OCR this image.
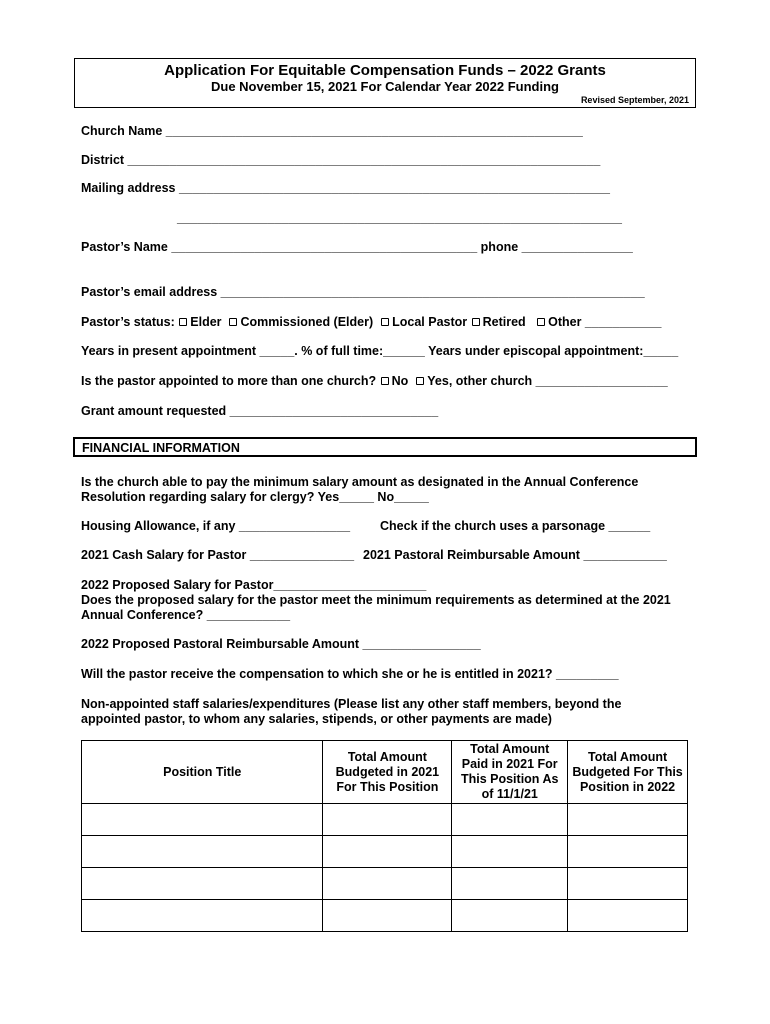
Application For Equitable Compensation Funds – 2022 Grants
Due November 15, 2021 For Calendar Year 2022 Funding
Revised September, 2021
Church Name ____________________________________________________________
District ____________________________________________________________________
Mailing address ______________________________________________________________
________________________________________________________________
Pastor’s Name ____________________________________________ phone ________________
Pastor’s email address _____________________________________________________________
Pastor’s status: Elder Commissioned (Elder) Local Pastor Retired Other ___________
Years in present appointment _____. % of full time:______ Years under episcopal appointment:_____
Is the pastor appointed to more than one church? No Yes, other church ___________________
Grant amount requested ______________________________
FINANCIAL INFORMATION
Is the church able to pay the minimum salary amount as designated in the Annual Conference
Resolution regarding salary for clergy? Yes_____ No_____
Housing Allowance, if any ________________ Check if the church uses a parsonage ______
2021 Cash Salary for Pastor _______________ 2021 Pastoral Reimbursable Amount ____________
2022 Proposed Salary for Pastor______________________
Does the proposed salary for the pastor meet the minimum requirements as determined at the 2021
Annual Conference? ____________
2022 Proposed Pastoral Reimbursable Amount _________________
Will the pastor receive the compensation to which she or he is entitled in 2021? _________
Non-appointed staff salaries/expenditures (Please list any other staff members, beyond the
appointed pastor, to whom any salaries, stipends, or other payments are made)
Position Title	Total Amount Budgeted in 2021 For This Position	Total Amount Paid in 2021 For This Position As of 11/1/21	Total Amount Budgeted For This Position in 2022
